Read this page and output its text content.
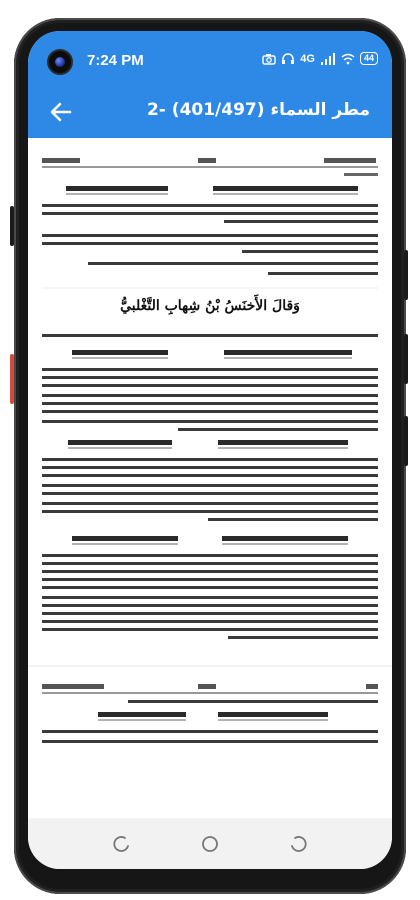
7:24 PM	4G	44
2- مطر السماء (401/497)
وَقالَ الأَخنَسُ بْنُ شِهابِ التَّغْلبيُّ
